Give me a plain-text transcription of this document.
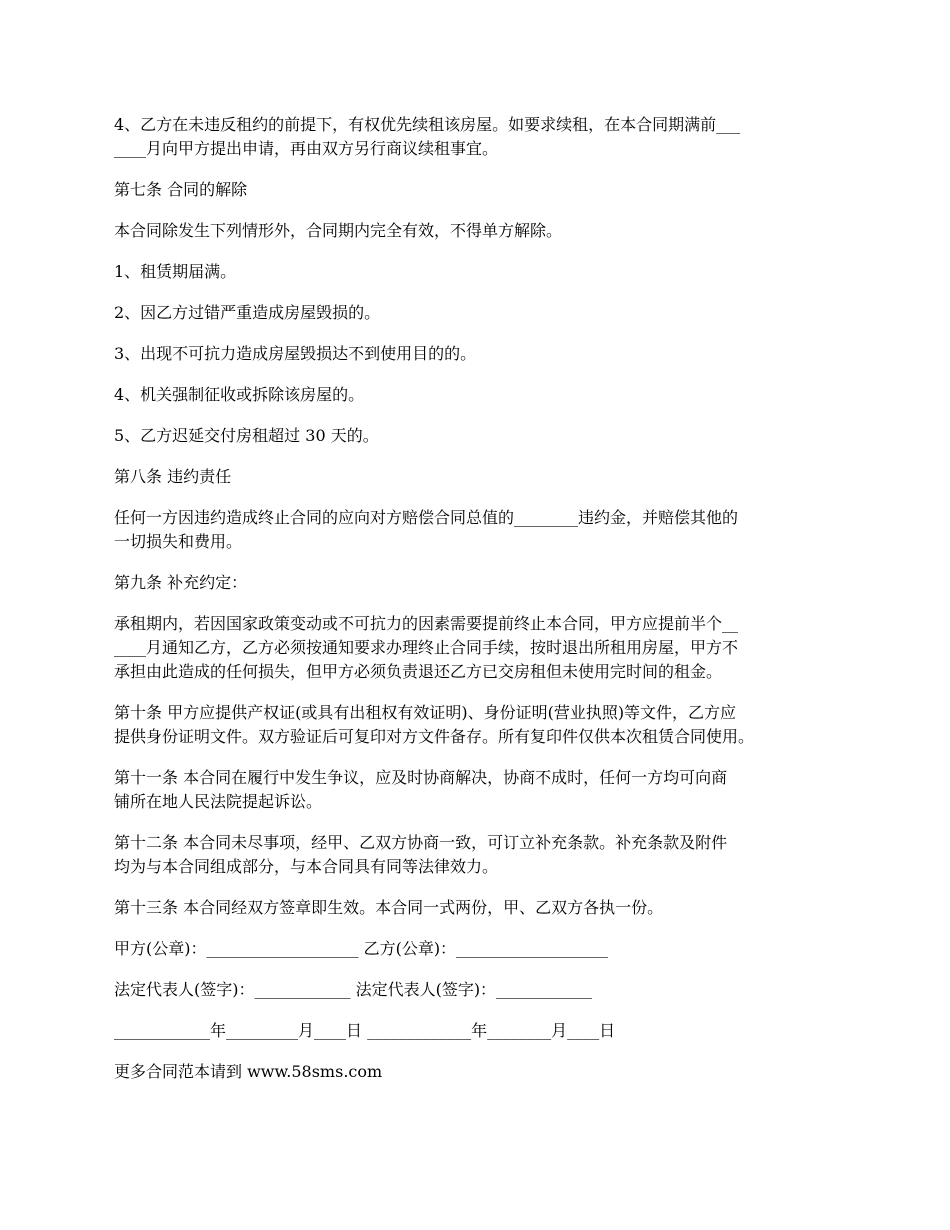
4、乙方在未违反租约的前提下，有权优先续租该房屋。如要求续租，在本合同期满前___
____月向甲方提出申请，再由双方另行商议续租事宜。

第七条 合同的解除

本合同除发生下列情形外，合同期内完全有效，不得单方解除。

1、租赁期届满。

2、因乙方过错严重造成房屋毁损的。

3、出现不可抗力造成房屋毁损达不到使用目的的。

4、机关强制征收或拆除该房屋的。

5、乙方迟延交付房租超过 30 天的。

第八条 违约责任

任何一方因违约造成终止合同的应向对方赔偿合同总值的________违约金，并赔偿其他的
一切损失和费用。

第九条 补充约定：

承租期内，若因国家政策变动或不可抗力的因素需要提前终止本合同，甲方应提前半个__
____月通知乙方，乙方必须按通知要求办理终止合同手续，按时退出所租用房屋，甲方不
承担由此造成的任何损失，但甲方必须负责退还乙方已交房租但未使用完时间的租金。

第十条 甲方应提供产权证(或具有出租权有效证明)、身份证明(营业执照)等文件，乙方应
提供身份证明文件。双方验证后可复印对方文件备存。所有复印件仅供本次租赁合同使用。

第十一条 本合同在履行中发生争议，应及时协商解决，协商不成时，任何一方均可向商
铺所在地人民法院提起诉讼。

第十二条 本合同未尽事项，经甲、乙双方协商一致，可订立补充条款。补充条款及附件
均为与本合同组成部分，与本合同具有同等法律效力。

第十三条 本合同经双方签章即生效。本合同一式两份，甲、乙双方各执一份。

甲方(公章)：___________________ 乙方(公章)：___________________

法定代表人(签字)：____________ 法定代表人(签字)：____________

____________年_________月____日 _____________年________月____日

更多合同范本请到 www.58sms.com
